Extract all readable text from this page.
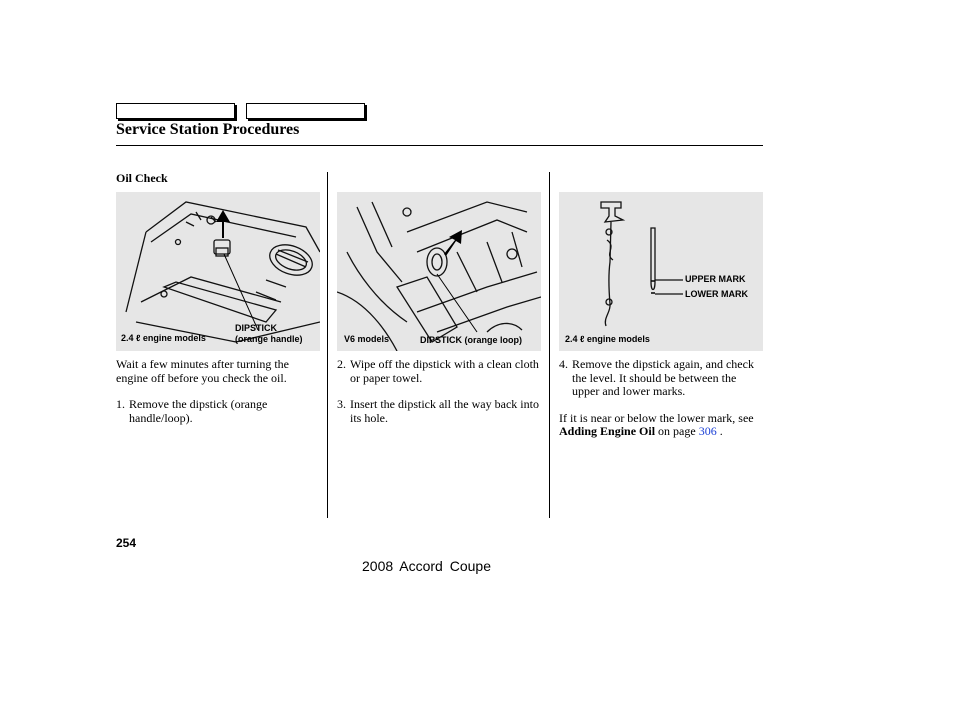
Service Station Procedures
Oil Check
2.4 ℓ engine models
DIPSTICK
(orange handle)	V6 models	DIPSTICK (orange loop)
UPPER MARK
LOWER MARK
2.4 ℓ engine models
Wait a few minutes after turning the engine off before you check the oil.
1. Remove the dipstick (orange handle/loop).
2. Wipe off the dipstick with a clean cloth or paper towel.
3. Insert the dipstick all the way back into its hole.
4. Remove the dipstick again, and check the level. It should be between the upper and lower marks.
If it is near or below the lower mark, see Adding Engine Oil on page 306 .
254
2008 Accord Coupe
